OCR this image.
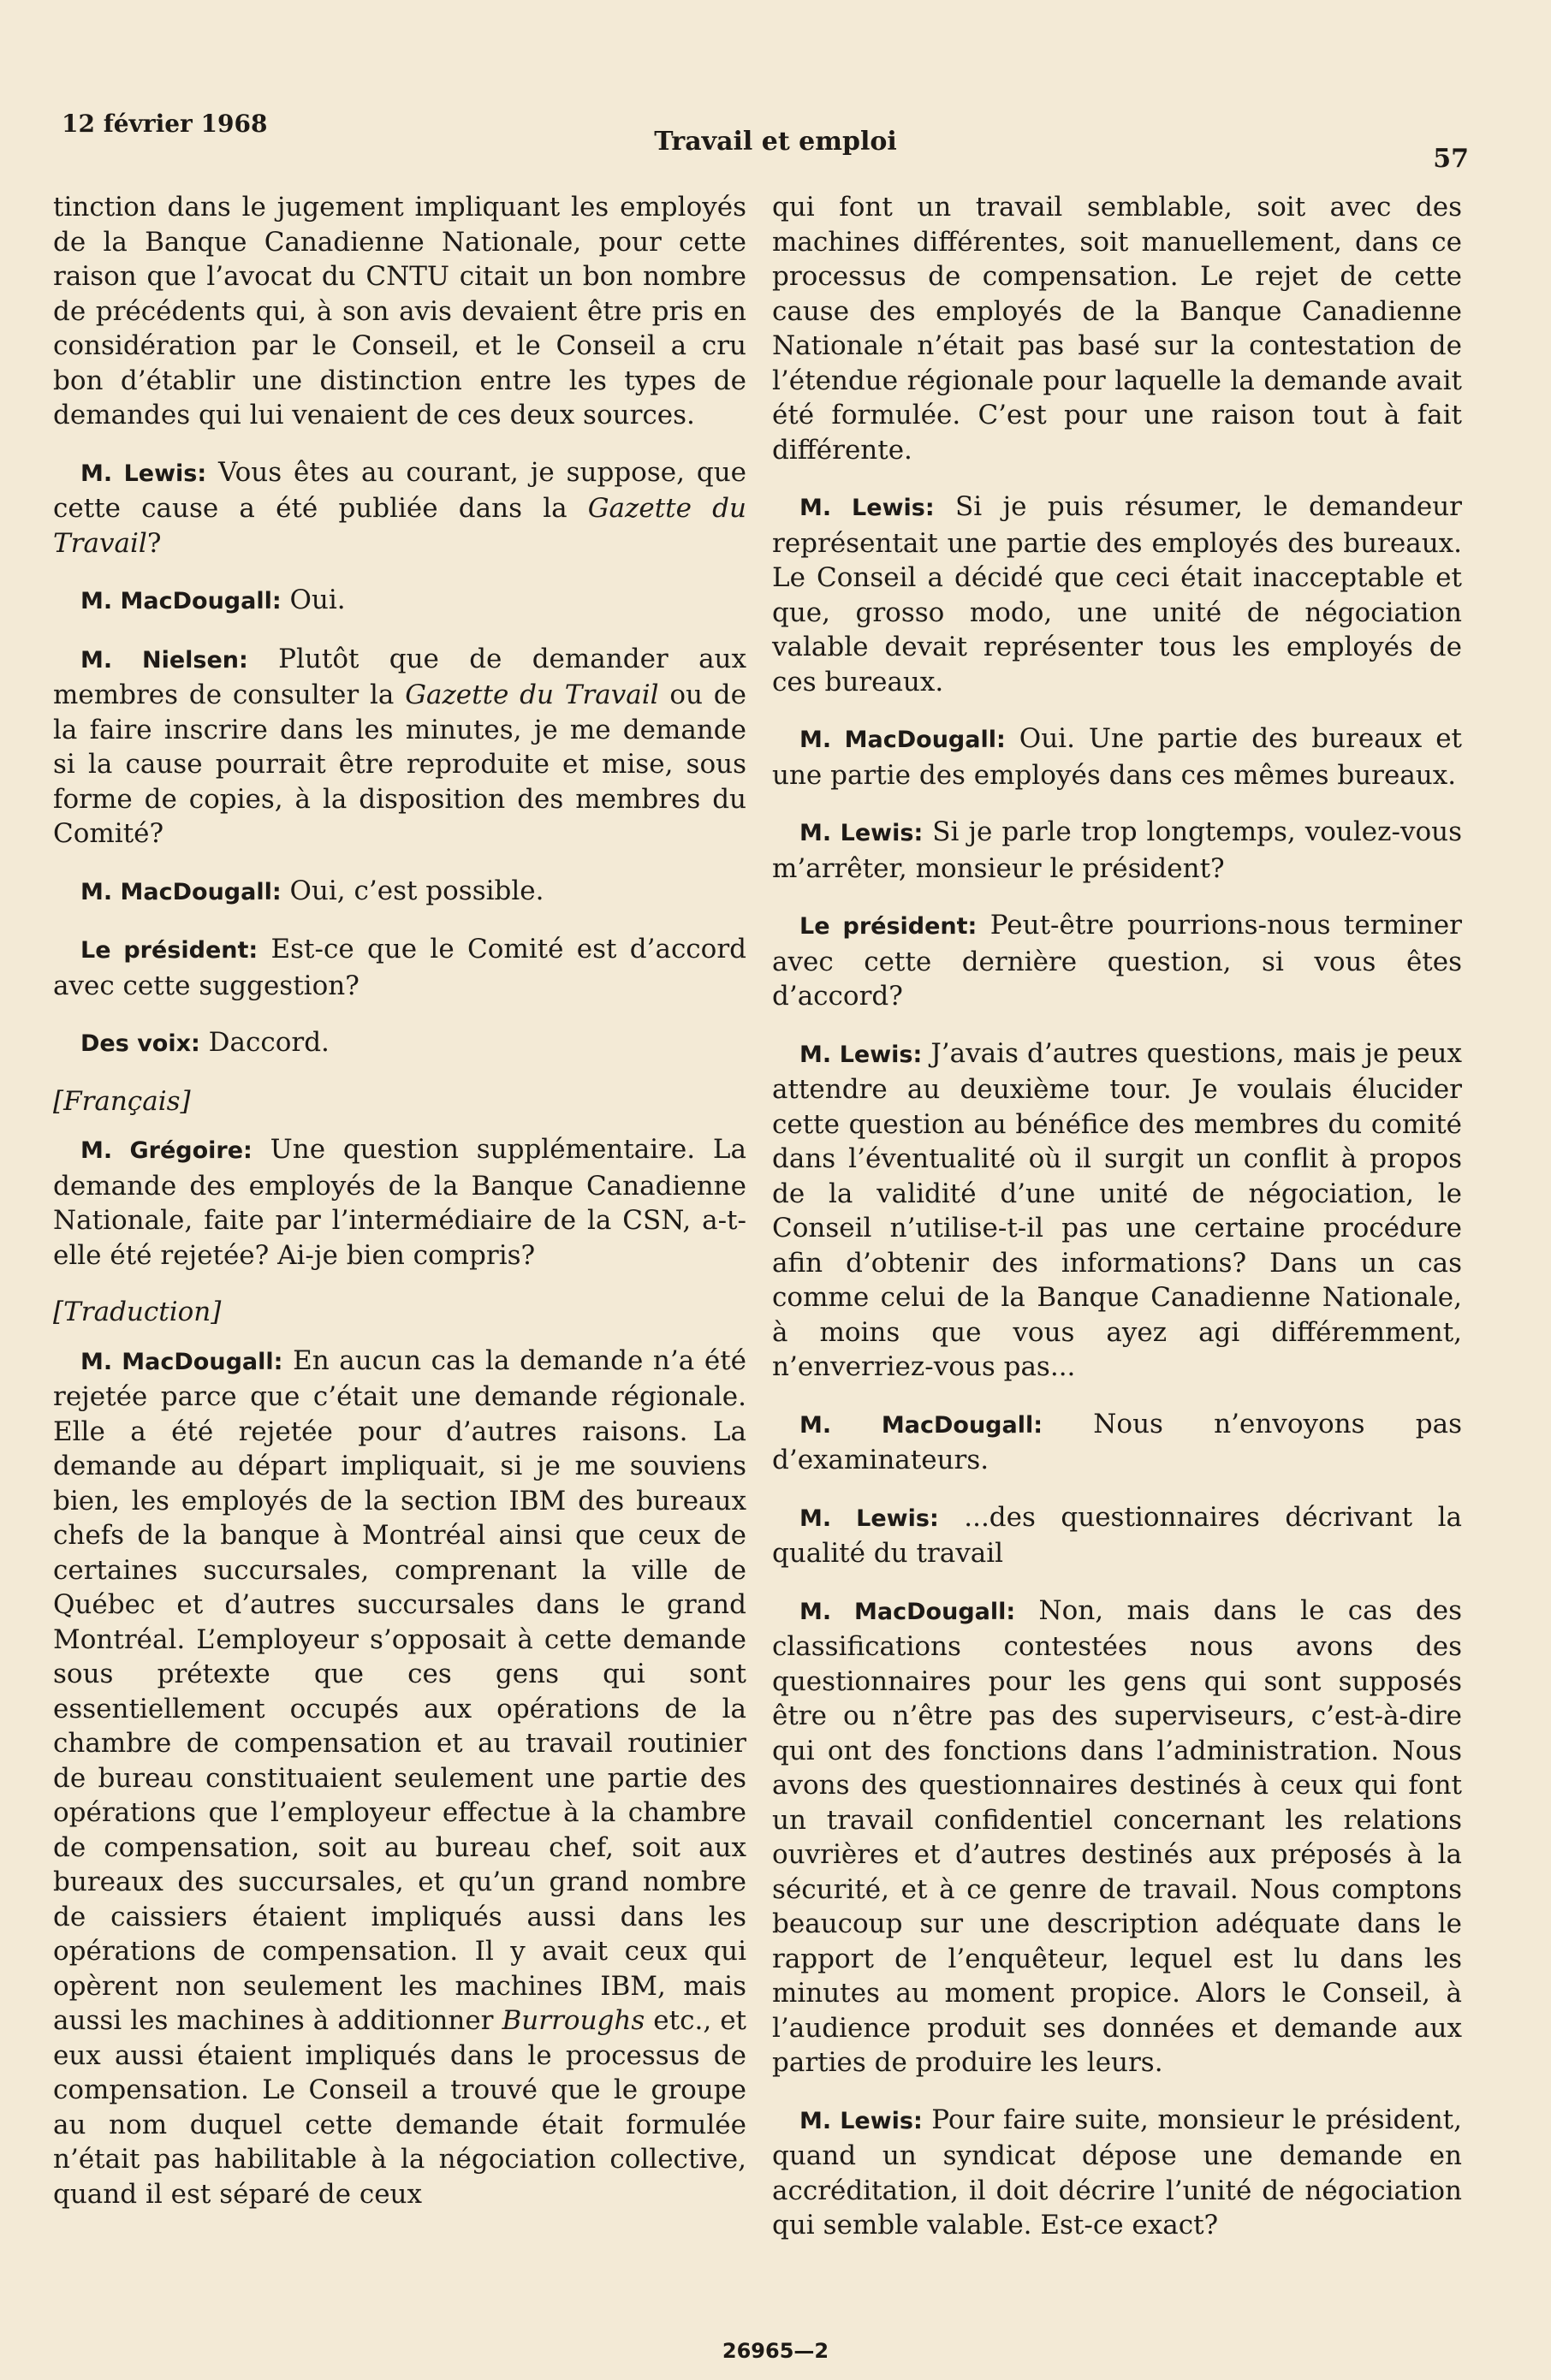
12 février 1968
Travail et emploi
57

tinction dans le jugement impliquant les employés de la Banque Canadienne Nationale, pour cette raison que l’avocat du CNTU citait un bon nombre de précédents qui, à son avis devaient être pris en considération par le Conseil, et le Conseil a cru bon d’établir une distinction entre les types de demandes qui lui venaient de ces deux sources.

M. Lewis: Vous êtes au courant, je suppose, que cette cause a été publiée dans la Gazette du Travail?

M. MacDougall: Oui.

M. Nielsen: Plutôt que de demander aux membres de consulter la Gazette du Travail ou de la faire inscrire dans les minutes, je me demande si la cause pourrait être reproduite et mise, sous forme de copies, à la disposition des membres du Comité?

M. MacDougall: Oui, c’est possible.

Le président: Est-ce que le Comité est d’accord avec cette suggestion?

Des voix: Daccord.

[Français]

M. Grégoire: Une question supplémentaire. La demande des employés de la Banque Canadienne Nationale, faite par l’intermédiaire de la CSN, a-t-elle été rejetée? Ai-je bien compris?

[Traduction]

M. MacDougall: En aucun cas la demande n’a été rejetée parce que c’était une demande régionale. Elle a été rejetée pour d’autres raisons. La demande au départ impliquait, si je me souviens bien, les employés de la section IBM des bureaux chefs de la banque à Montréal ainsi que ceux de certaines succursales, comprenant la ville de Québec et d’autres succursales dans le grand Montréal. L’employeur s’opposait à cette demande sous prétexte que ces gens qui sont essentiellement occupés aux opérations de la chambre de compensation et au travail routinier de bureau constituaient seulement une partie des opérations que l’employeur effectue à la chambre de compensation, soit au bureau chef, soit aux bureaux des succursales, et qu’un grand nombre de caissiers étaient impliqués aussi dans les opérations de compensation. Il y avait ceux qui opèrent non seulement les machines IBM, mais aussi les machines à additionner Burroughs etc., et eux aussi étaient impliqués dans le processus de compensation. Le Conseil a trouvé que le groupe au nom duquel cette demande était formulée n’était pas habilitable à la négociation collective, quand il est séparé de ceux

qui font un travail semblable, soit avec des machines différentes, soit manuellement, dans ce processus de compensation. Le rejet de cette cause des employés de la Banque Canadienne Nationale n’était pas basé sur la contestation de l’étendue régionale pour laquelle la demande avait été formulée. C’est pour une raison tout à fait différente.

M. Lewis: Si je puis résumer, le demandeur représentait une partie des employés des bureaux. Le Conseil a décidé que ceci était inacceptable et que, grosso modo, une unité de négociation valable devait représenter tous les employés de ces bureaux.

M. MacDougall: Oui. Une partie des bureaux et une partie des employés dans ces mêmes bureaux.

M. Lewis: Si je parle trop longtemps, voulez-vous m’arrêter, monsieur le président?

Le président: Peut-être pourrions-nous terminer avec cette dernière question, si vous êtes d’accord?

M. Lewis: J’avais d’autres questions, mais je peux attendre au deuxième tour. Je voulais élucider cette question au bénéfice des membres du comité dans l’éventualité où il surgit un conflit à propos de la validité d’une unité de négociation, le Conseil n’utilise-t-il pas une certaine procédure afin d’obtenir des informations? Dans un cas comme celui de la Banque Canadienne Nationale, à moins que vous ayez agi différemment, n’enverriez-vous pas...

M. MacDougall: Nous n’envoyons pas d’examinateurs.

M. Lewis: ...des questionnaires décrivant la qualité du travail

M. MacDougall: Non, mais dans le cas des classifications contestées nous avons des questionnaires pour les gens qui sont supposés être ou n’être pas des superviseurs, c’est-à-dire qui ont des fonctions dans l’administration. Nous avons des questionnaires destinés à ceux qui font un travail confidentiel concernant les relations ouvrières et d’autres destinés aux préposés à la sécurité, et à ce genre de travail. Nous comptons beaucoup sur une description adéquate dans le rapport de l’enquêteur, lequel est lu dans les minutes au moment propice. Alors le Conseil, à l’audience produit ses données et demande aux parties de produire les leurs.

M. Lewis: Pour faire suite, monsieur le président, quand un syndicat dépose une demande en accréditation, il doit décrire l’unité de négociation qui semble valable. Est-ce exact?

26965—2
